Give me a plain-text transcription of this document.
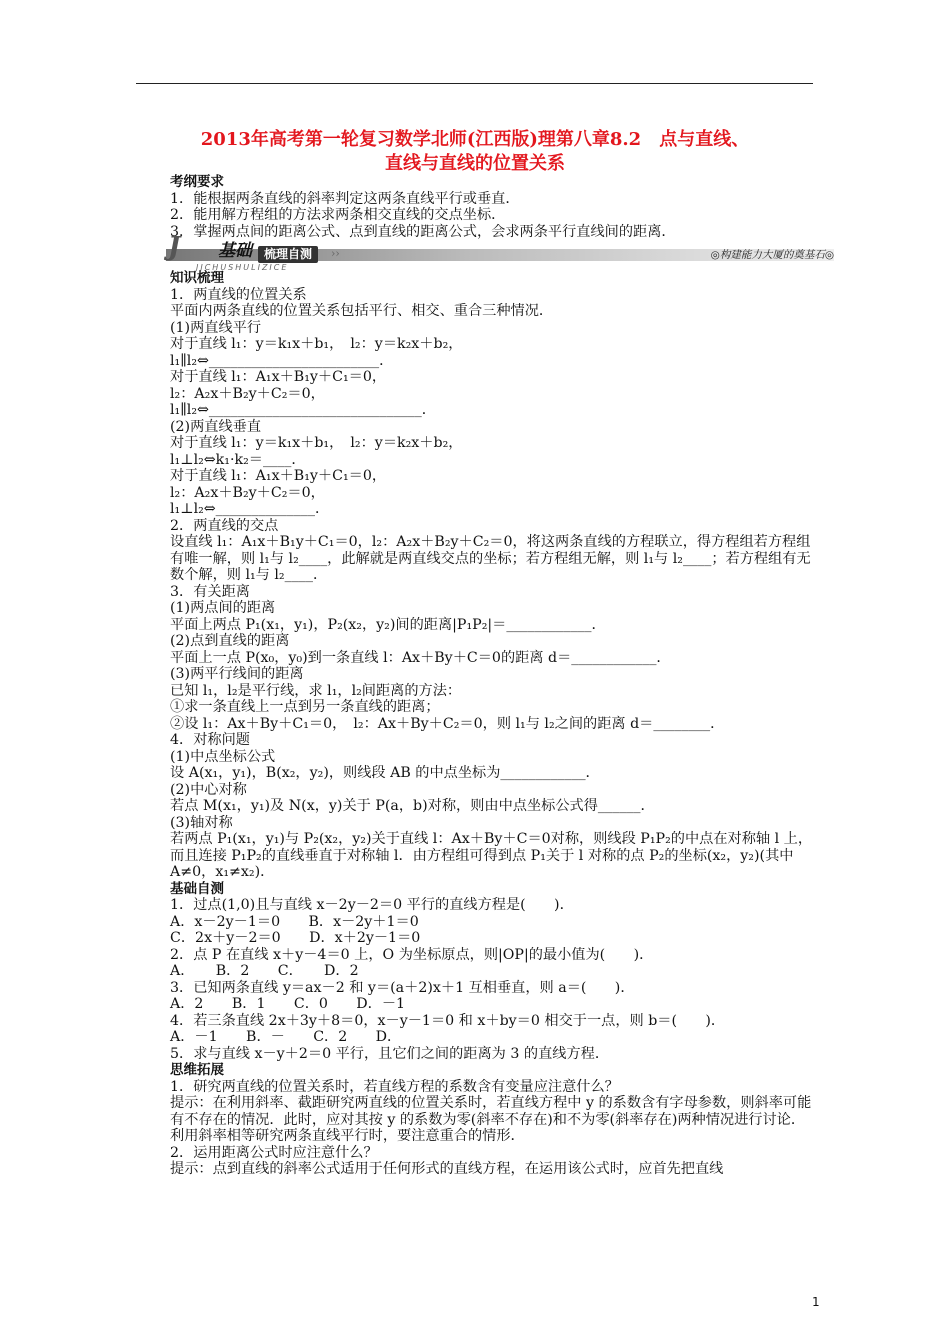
2013年高考第一轮复习数学北师(江西版)理第八章8.2　点与直线、
直线与直线的位置关系
考纲要求
1．能根据两条直线的斜率判定这两条直线平行或垂直．
2．能用解方程组的方法求两条相交直线的交点坐标．
3．掌握两点间的距离公式、点到直线的距离公式，会求两条平行直线间的距离．
J 基础	梳理自测	››
JICHUSHULIZICE
◎构建能力大厦的奠基石◎
知识梳理
1．两直线的位置关系
平面内两条直线的位置关系包括平行、相交、重合三种情况．
(1)两直线平行
对于直线 l₁：y＝k₁x＋b₁，　l₂：y＝k₂x＋b₂，
l₁∥l₂⇔________________________．
对于直线 l₁：A₁x＋B₁y＋C₁＝0，
l₂：A₂x＋B₂y＋C₂＝0，
l₁∥l₂⇔______________________________．
(2)两直线垂直
对于直线 l₁：y＝k₁x＋b₁，　l₂：y＝k₂x＋b₂，
l₁⊥l₂⇔k₁·k₂＝____．
对于直线 l₁：A₁x＋B₁y＋C₁＝0，
l₂：A₂x＋B₂y＋C₂＝0，
l₁⊥l₂⇔______________．
2．两直线的交点
设直线 l₁：A₁x＋B₁y＋C₁＝0，l₂：A₂x＋B₂y＋C₂＝0，将这两条直线的方程联立，得方程组若方程组有唯一解，则 l₁与 l₂____，此解就是两直线交点的坐标；若方程组无解，则 l₁与 l₂____；若方程组有无数个解，则 l₁与 l₂____．
3．有关距离
(1)两点间的距离
平面上两点 P₁(x₁，y₁)，P₂(x₂，y₂)间的距离|P₁P₂|＝____________．
(2)点到直线的距离
平面上一点 P(x₀，y₀)到一条直线 l：Ax＋By＋C＝0的距离 d＝____________．
(3)两平行线间的距离
已知 l₁，l₂是平行线，求 l₁，l₂间距离的方法：
①求一条直线上一点到另一条直线的距离；
②设 l₁：Ax＋By＋C₁＝0，　l₂：Ax＋By＋C₂＝0，则 l₁与 l₂之间的距离 d＝________．
4．对称问题
(1)中点坐标公式
设 A(x₁，y₁)，B(x₂，y₂)，则线段 AB 的中点坐标为____________．
(2)中心对称
若点 M(x₁，y₁)及 N(x，y)关于 P(a，b)对称，则由中点坐标公式得______．
(3)轴对称
若两点 P₁(x₁，y₁)与 P₂(x₂，y₂)关于直线 l：Ax＋By＋C＝0对称，则线段 P₁P₂的中点在对称轴 l 上，而且连接 P₁P₂的直线垂直于对称轴 l．由方程组可得到点 P₁关于 l 对称的点 P₂的坐标(x₂，y₂)(其中　A≠0，x₁≠x₂)．
基础自测
1．过点(1,0)且与直线 x－2y－2＝0 平行的直线方程是(　　)．
A．x－2y－1＝0　　B．x－2y＋1＝0
C．2x＋y－2＝0　　D．x＋2y－1＝0
2．点 P 在直线 x＋y－4＝0 上，O 为坐标原点，则|OP|的最小值为(　　)．
A．　　B．2　　C．　　D．2
3．已知两条直线 y＝ax－2 和 y＝(a＋2)x＋1 互相垂直，则 a＝(　　)．
A．2　　B．1　　C．0　　D．－1
4．若三条直线 2x＋3y＋8＝0，x－y－1＝0 和 x＋by＝0 相交于一点，则 b＝(　　)．
A．－1　　B．－　　C．2　　D．
5．求与直线 x－y＋2＝0 平行，且它们之间的距离为 3 的直线方程．
思维拓展
1．研究两直线的位置关系时，若直线方程的系数含有变量应注意什么？
提示：在利用斜率、截距研究两直线的位置关系时，若直线方程中 y 的系数含有字母参数，则斜率可能有不存在的情况．此时，应对其按 y 的系数为零(斜率不存在)和不为零(斜率存在)两种情况进行讨论．利用斜率相等研究两条直线平行时，要注意重合的情形．
2．运用距离公式时应注意什么？
提示：点到直线的斜率公式适用于任何形式的直线方程，在运用该公式时，应首先把直线
1
